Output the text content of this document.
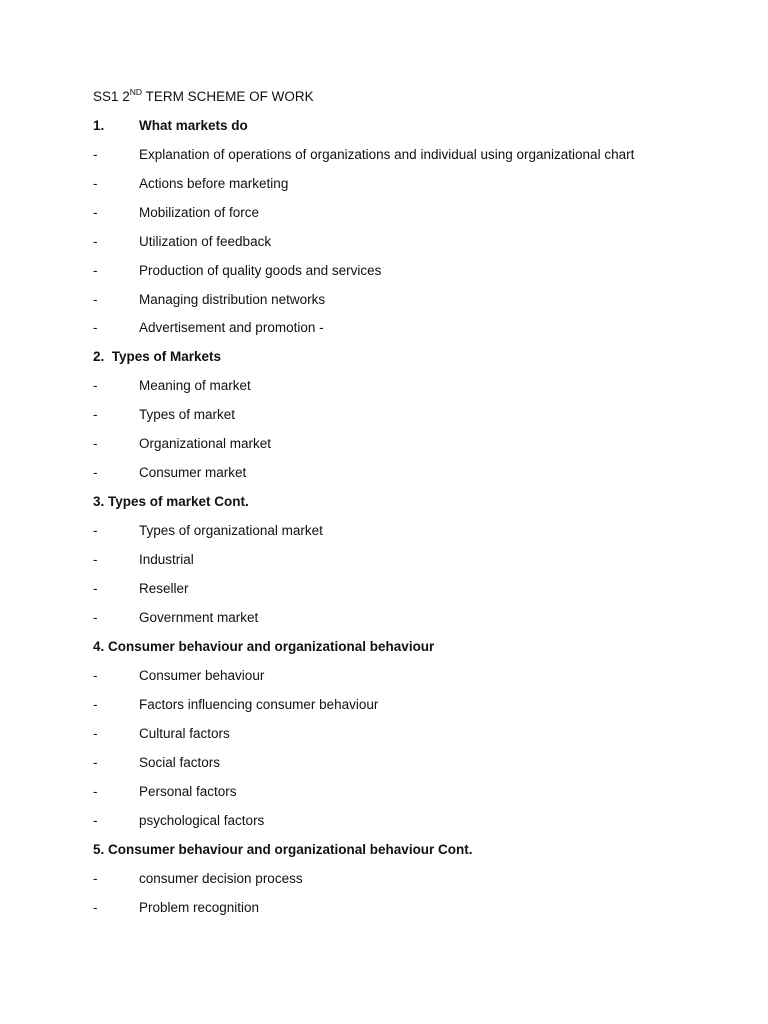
SS1 2ND TERM SCHEME OF WORK
1.	What markets do
-	Explanation of operations of organizations and individual using organizational chart
-	Actions before marketing
-	Mobilization of force
-	Utilization of feedback
-	Production of quality goods and services
-	Managing distribution networks
-	Advertisement and promotion -
2.  Types of Markets
-	Meaning of market
-	Types of market
-	Organizational market
-	Consumer market
3. Types of market Cont.
-	Types of organizational market
-	Industrial
-	Reseller
-	Government market
4. Consumer behaviour and organizational behaviour
-	Consumer behaviour
-	Factors influencing consumer behaviour
-	Cultural factors
-	Social factors
-	Personal factors
-	psychological factors
5. Consumer behaviour and organizational behaviour Cont.
-	consumer decision process
-	Problem recognition
